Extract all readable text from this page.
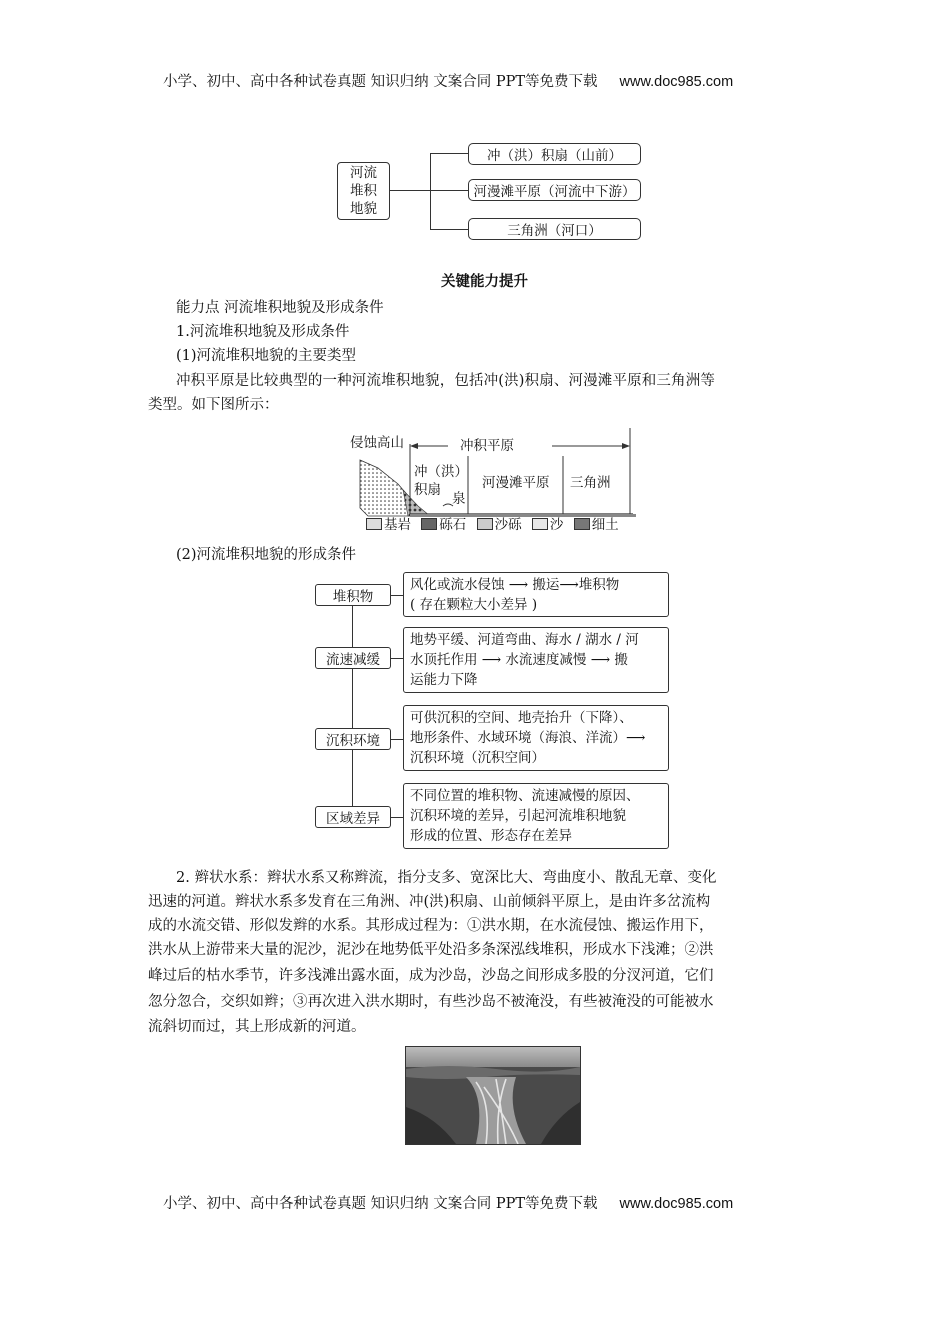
小学、初中、高中各种试卷真题 知识归纳 文案合同 PPT等免费下载 www.doc985.com
河流
堆积
地貌
冲（洪）积扇（山前）
河漫滩平原（河流中下游）
三角洲（河口）
关键能力提升
能力点 河流堆积地貌及形成条件
1.河流堆积地貌及形成条件
(1)河流堆积地貌的主要类型
冲积平原是比较典型的一种河流堆积地貌，包括冲(洪)积扇、河漫滩平原和三角洲等
类型。如下图所示：
侵蚀高山	冲积平原
冲（洪）
积扇
泉
河漫滩平原 三角洲
基岩 砾石 沙砾 沙 细土
(2)河流堆积地貌的形成条件
堆积物
风化或流水侵蚀 ⟶ 搬运⟶堆积物
( 存在颗粒大小差异 )
流速减缓
地势平缓、河道弯曲、海水 / 湖水 / 河
水顶托作用 ⟶ 水流速度减慢 ⟶ 搬
运能力下降
沉积环境
可供沉积的空间、地壳抬升（下降）、
地形条件、水域环境（海浪、洋流）⟶
沉积环境（沉积空间）
区域差异
不同位置的堆积物、流速减慢的原因、
沉积环境的差异，引起河流堆积地貌
形成的位置、形态存在差异
2. 辫状水系：辫状水系又称辫流，指分支多、宽深比大、弯曲度小、散乱无章、变化
迅速的河道。辫状水系多发育在三角洲、冲(洪)积扇、山前倾斜平原上，是由许多岔流构
成的水流交错、形似发辫的水系。其形成过程为：①洪水期，在水流侵蚀、搬运作用下，
洪水从上游带来大量的泥沙，泥沙在地势低平处沿多条深泓线堆积，形成水下浅滩；②洪
峰过后的枯水季节，许多浅滩出露水面，成为沙岛，沙岛之间形成多股的分汊河道，它们
忽分忽合，交织如辫；③再次进入洪水期时，有些沙岛不被淹没，有些被淹没的可能被水
流斜切而过，其上形成新的河道。
小学、初中、高中各种试卷真题 知识归纳 文案合同 PPT等免费下载 www.doc985.com
